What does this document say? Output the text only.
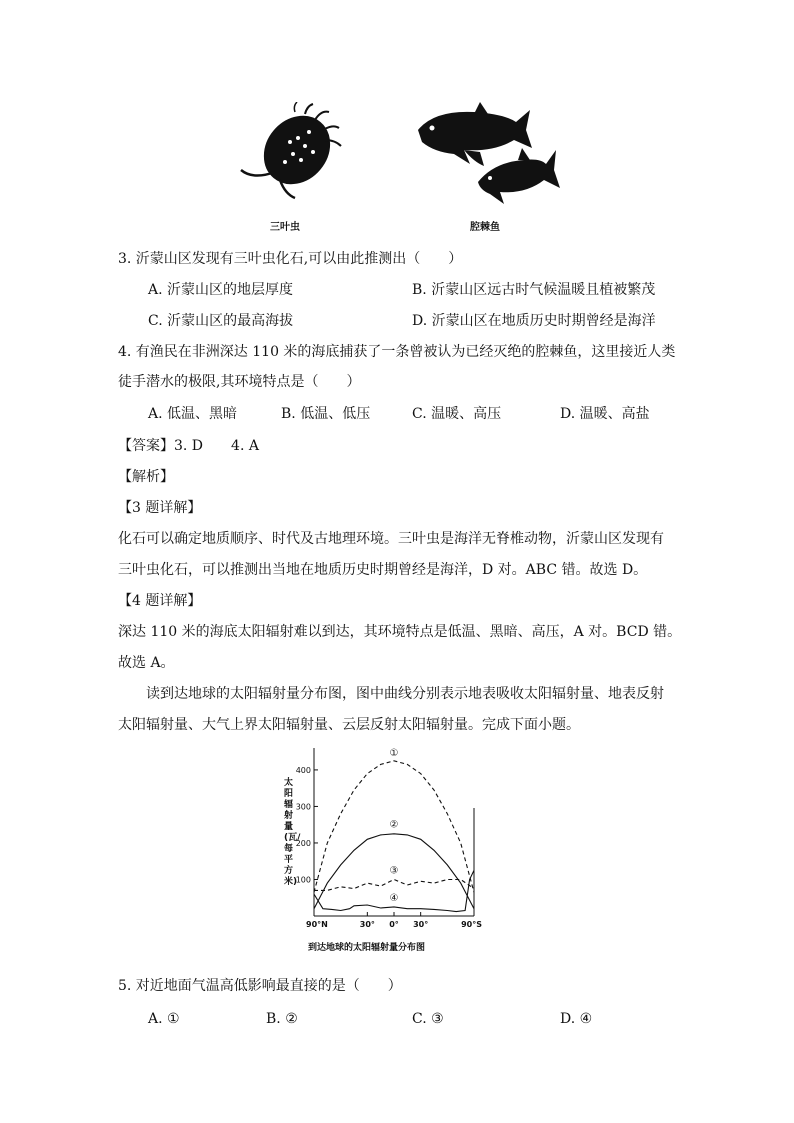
三叶虫	腔棘鱼
3. 沂蒙山区发现有三叶虫化石,可以由此推测出（　　）
A. 沂蒙山区的地层厚度	B. 沂蒙山区远古时气候温暖且植被繁茂
C. 沂蒙山区的最高海拔	D. 沂蒙山区在地质历史时期曾经是海洋
4. 有渔民在非洲深达 110 米的海底捕获了一条曾被认为已经灭绝的腔棘鱼，这里接近人类
徒手潜水的极限,其环境特点是（　　）
A. 低温、黑暗	B. 低温、低压	C. 温暖、高压	D. 温暖、高盐
【答案】3. D　　4. A
【解析】
【3 题详解】
化石可以确定地质顺序、时代及古地理环境。三叶虫是海洋无脊椎动物，沂蒙山区发现有
三叶虫化石，可以推测出当地在地质历史时期曾经是海洋，D 对。ABC 错。故选 D。
【4 题详解】
深达 110 米的海底太阳辐射难以到达，其环境特点是低温、黑暗、高压，A 对。BCD 错。
故选 A。
读到达地球的太阳辐射量分布图，图中曲线分别表示地表吸收太阳辐射量、地表反射
太阳辐射量、大气上界太阳辐射量、云层反射太阳辐射量。完成下面小题。
100
200
300
400
90°N	30° 0° 30°	90°S
①
②
③
④
太阳辐射量(瓦/每平方米)
到达地球的太阳辐射量分布图
5. 对近地面气温高低影响最直接的是（　　）
A. ①	B. ②	C. ③	D. ④
